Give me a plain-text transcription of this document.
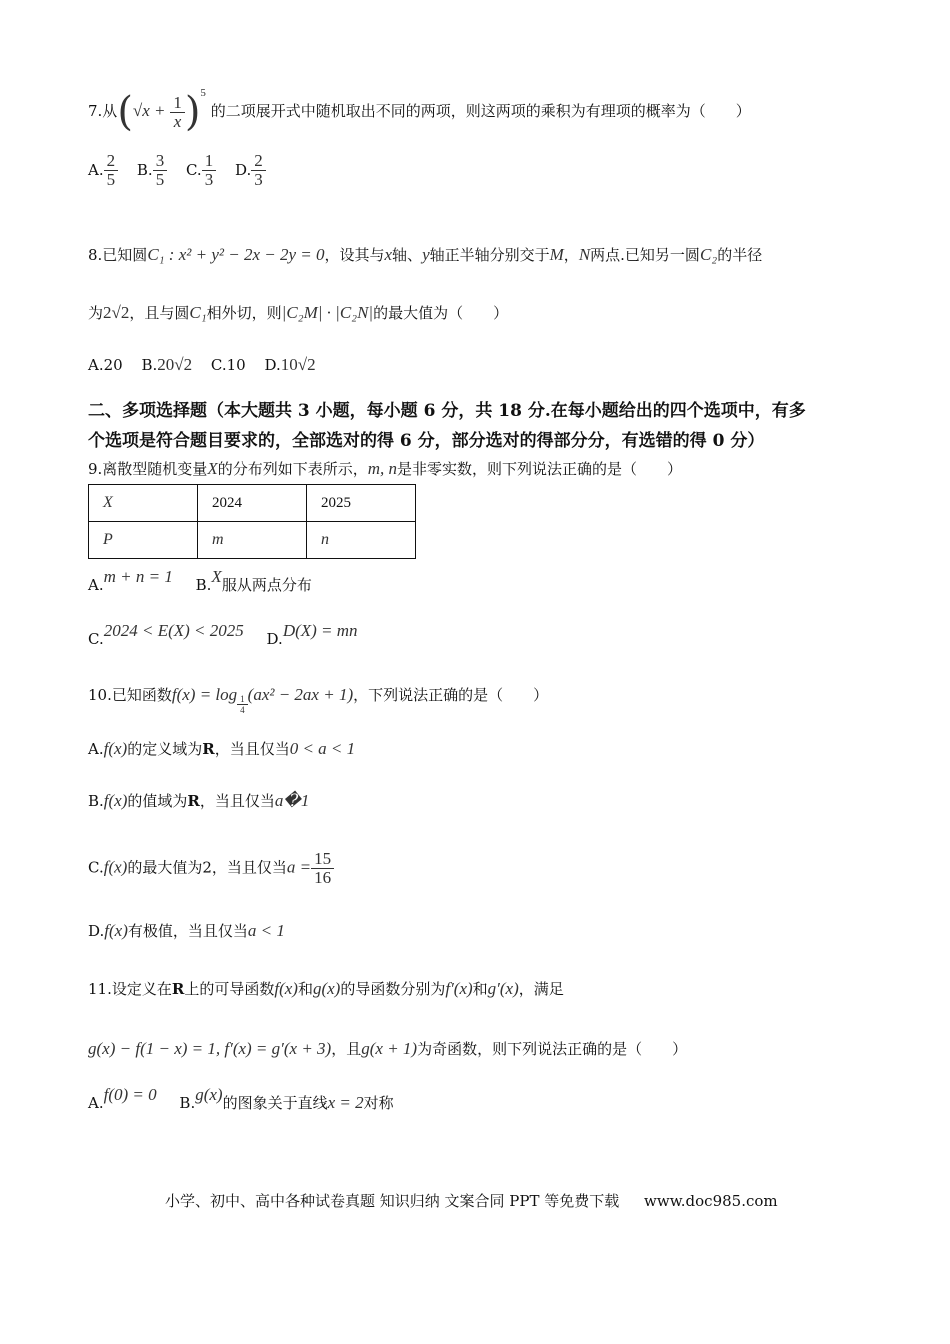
7.从$(√x + \frac{1}{x} )^5$ 的二项展开式中随机取出不同的两项，则这两项的乘积为有理项的概率为（　　）
A. $\frac{2}{5} B$. $\frac{3}{5} C$. $\frac{1}{3} D$. $\frac{2}{3}$
8.已知圆C₁ : x² + y² − 2x − 2y = 0，设其与x轴、y轴正半轴分别交于M，N两点.已知另一圆C₂的半径
为2√2，且与圆C₁相外切，则|C₂M| · |C₂N|的最大值为（　　）
A.20 B.20√2 C.10 D.10√2
二、多项选择题（本大题共 3 小题，每小题 6 分，共 18 分.在每小题给出的四个选项中，有多
个选项是符合题目要求的，全部选对的得 6 分，部分选对的得部分分，有选错的得 0 分）
9.离散型随机变量X的分布列如下表所示，m, n是非零实数，则下列说法正确的是（　　）
X	2024	2025
P	m	n
A.m + n = 1 B.X服从两点分布
C.2024 < E(X) < 2025 D.D(X) = mn
10.已知函数$f(x) = \log \frac{1}{4} (ax^2 - 2ax + 1)$，下列说法正确的是（　　）
A.f(x)的定义域为R，当且仅当0 < a < 1
B.f(x)的值域为R，当且仅当a�1
C.f(x)的最大值为2，当且仅当$a = \frac{15}{16}$
D.f(x)有极值，当且仅当a < 1
11.设定义在R上的可导函数f(x)和g(x)的导函数分别为f′(x)和g′(x)，满足
g(x) − f(1 − x) = 1, f′(x) = g′(x + 3)，且g(x + 1)为奇函数，则下列说法正确的是（　　）
A.f(0) = 0 B.g(x)的图象关于直线x = 2对称
小学、初中、高中各种试卷真题 知识归纳 文案合同 PPT 等免费下载 www.doc985.com
